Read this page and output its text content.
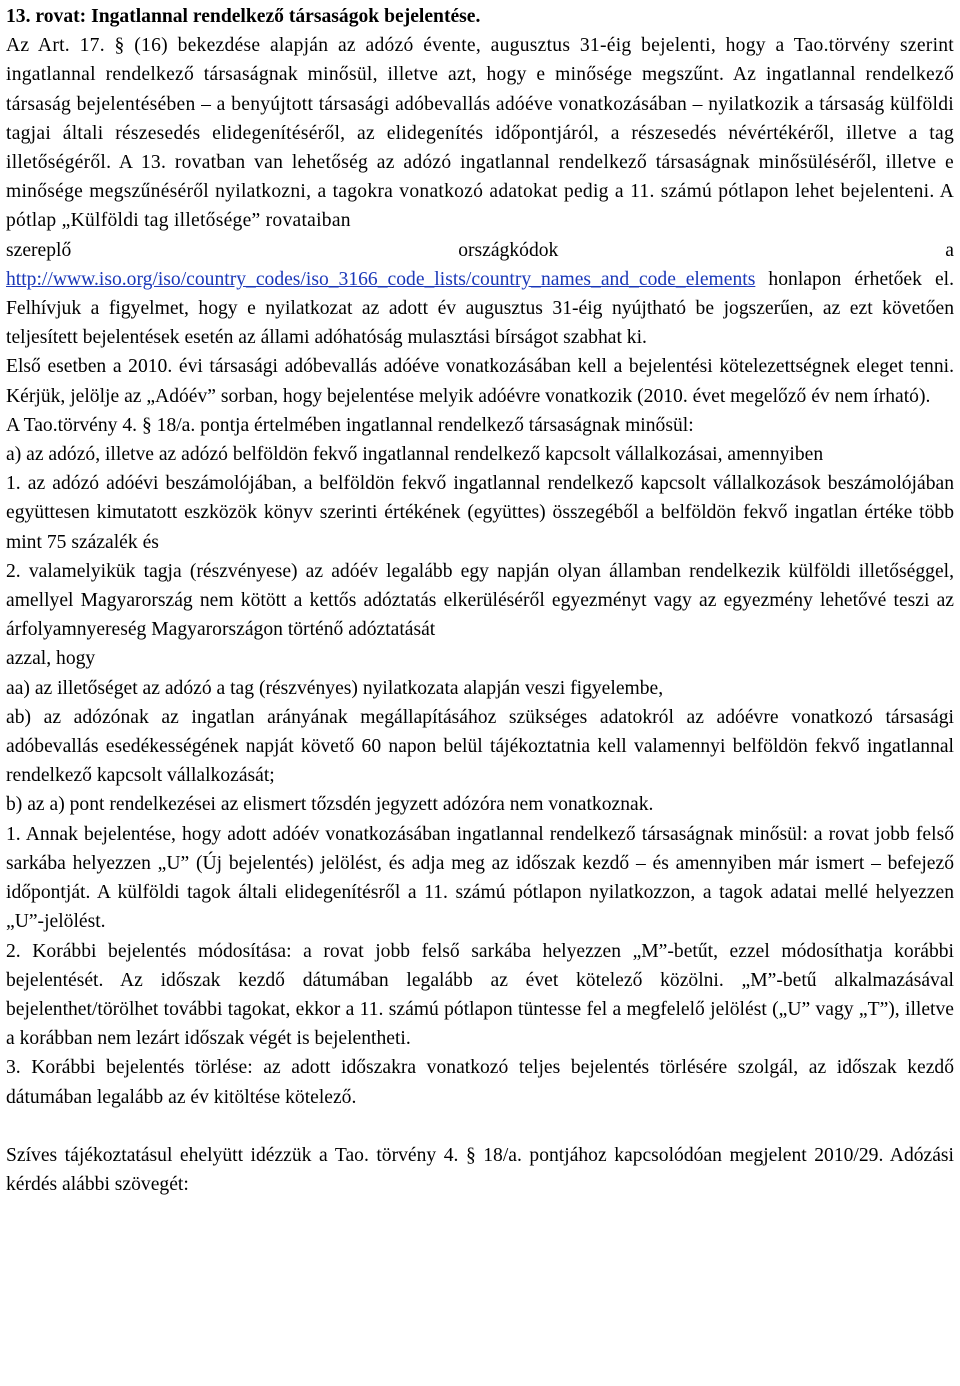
13. rovat: Ingatlannal rendelkező társaságok bejelentése.

Az Art. 17. § (16) bekezdése alapján az adózó évente, augusztus 31-éig bejelenti, hogy a Tao.törvény szerint ingatlannal rendelkező társaságnak minősül, illetve azt, hogy e minősége megszűnt. Az ingatlannal rendelkező társaság bejelentésében – a benyújtott társasági adóbevallás adóéve vonatkozásában – nyilatkozik a társaság külföldi tagjai általi részesedés elidegenítéséről, az elidegenítés időpontjáról, a részesedés névértékéről, illetve a tag illetőségéről. A 13. rovatban van lehetőség az adózó ingatlannal rendelkező társaságnak minősüléséről, illetve e minősége megszűnéséről nyilatkozni, a tagokra vonatkozó adatokat pedig a 11. számú pótlapon lehet bejelenteni. A pótlap „Külföldi tag illetősége” rovataiban

szereplő	országkódok	a

http://www.iso.org/iso/country_codes/iso_3166_code_lists/country_names_and_code_elements honlapon érhetőek el. Felhívjuk a figyelmet, hogy e nyilatkozat az adott év augusztus 31-éig nyújtható be jogszerűen, az ezt követően teljesített bejelentések esetén az állami adóhatóság mulasztási bírságot szabhat ki.

Első esetben a 2010. évi társasági adóbevallás adóéve vonatkozásában kell a bejelentési kötelezettségnek eleget tenni. Kérjük, jelölje az „Adóév” sorban, hogy bejelentése melyik adóévre vonatkozik (2010. évet megelőző év nem írható).

A Tao.törvény 4. § 18/a. pontja értelmében ingatlannal rendelkező társaságnak minősül:

a) az adózó, illetve az adózó belföldön fekvő ingatlannal rendelkező kapcsolt vállalkozásai, amennyiben

1. az adózó adóévi beszámolójában, a belföldön fekvő ingatlannal rendelkező kapcsolt vállalkozások beszámolójában együttesen kimutatott eszközök könyv szerinti értékének (együttes) összegéből a belföldön fekvő ingatlan értéke több mint 75 százalék és

2. valamelyikük tagja (részvényese) az adóév legalább egy napján olyan államban rendelkezik külföldi illetőséggel, amellyel Magyarország nem kötött a kettős adóztatás elkerüléséről egyezményt vagy az egyezmény lehetővé teszi az árfolyamnyereség Magyarországon történő adóztatását

azzal, hogy

aa) az illetőséget az adózó a tag (részvényes) nyilatkozata alapján veszi figyelembe,

ab) az adózónak az ingatlan arányának megállapításához szükséges adatokról az adóévre vonatkozó társasági adóbevallás esedékességének napját követő 60 napon belül tájékoztatnia kell valamennyi belföldön fekvő ingatlannal rendelkező kapcsolt vállalkozását;

b) az a) pont rendelkezései az elismert tőzsdén jegyzett adózóra nem vonatkoznak.

1. Annak bejelentése, hogy adott adóév vonatkozásában ingatlannal rendelkező társaságnak minősül: a rovat jobb felső sarkába helyezzen „U” (Új bejelentés) jelölést, és adja meg az időszak kezdő – és amennyiben már ismert – befejező időpontját. A külföldi tagok általi elidegenítésről a 11. számú pótlapon nyilatkozzon, a tagok adatai mellé helyezzen „U”-jelölést.

2. Korábbi bejelentés módosítása: a rovat jobb felső sarkába helyezzen „M”-betűt, ezzel módosíthatja korábbi bejelentését. Az időszak kezdő dátumában legalább az évet kötelező közölni. „M”-betű alkalmazásával bejelenthet/törölhet további tagokat, ekkor a 11. számú pótlapon tüntesse fel a megfelelő jelölést („U” vagy „T”), illetve a korábban nem lezárt időszak végét is bejelentheti.

3. Korábbi bejelentés törlése: az adott időszakra vonatkozó teljes bejelentés törlésére szolgál, az időszak kezdő dátumában legalább az év kitöltése kötelező.

Szíves tájékoztatásul ehelyütt idézzük a Tao. törvény 4. § 18/a. pontjához kapcsolódóan megjelent 2010/29. Adózási kérdés alábbi szövegét:
